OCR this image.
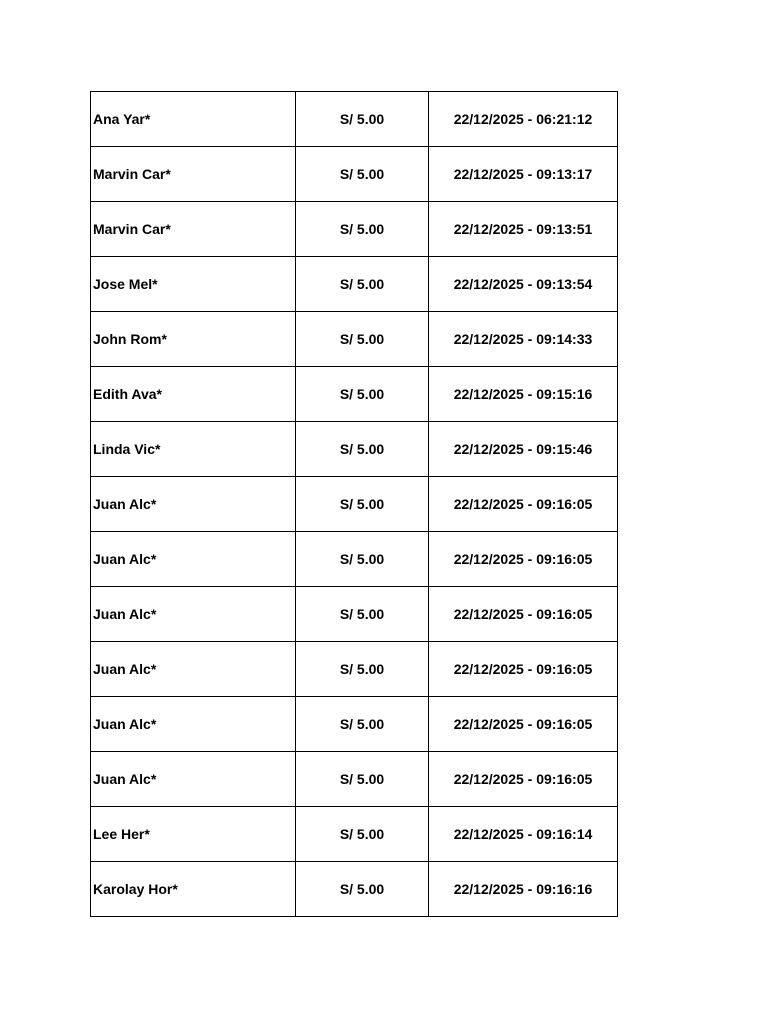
Ana Yar*	S/ 5.00	22/12/2025 - 06:21:12
Marvin Car*	S/ 5.00	22/12/2025 - 09:13:17
Marvin Car*	S/ 5.00	22/12/2025 - 09:13:51
Jose Mel*	S/ 5.00	22/12/2025 - 09:13:54
John Rom*	S/ 5.00	22/12/2025 - 09:14:33
Edith Ava*	S/ 5.00	22/12/2025 - 09:15:16
Linda Vic*	S/ 5.00	22/12/2025 - 09:15:46
Juan Alc*	S/ 5.00	22/12/2025 - 09:16:05
Juan Alc*	S/ 5.00	22/12/2025 - 09:16:05
Juan Alc*	S/ 5.00	22/12/2025 - 09:16:05
Juan Alc*	S/ 5.00	22/12/2025 - 09:16:05
Juan Alc*	S/ 5.00	22/12/2025 - 09:16:05
Juan Alc*	S/ 5.00	22/12/2025 - 09:16:05
Lee Her*	S/ 5.00	22/12/2025 - 09:16:14
Karolay Hor*	S/ 5.00	22/12/2025 - 09:16:16
